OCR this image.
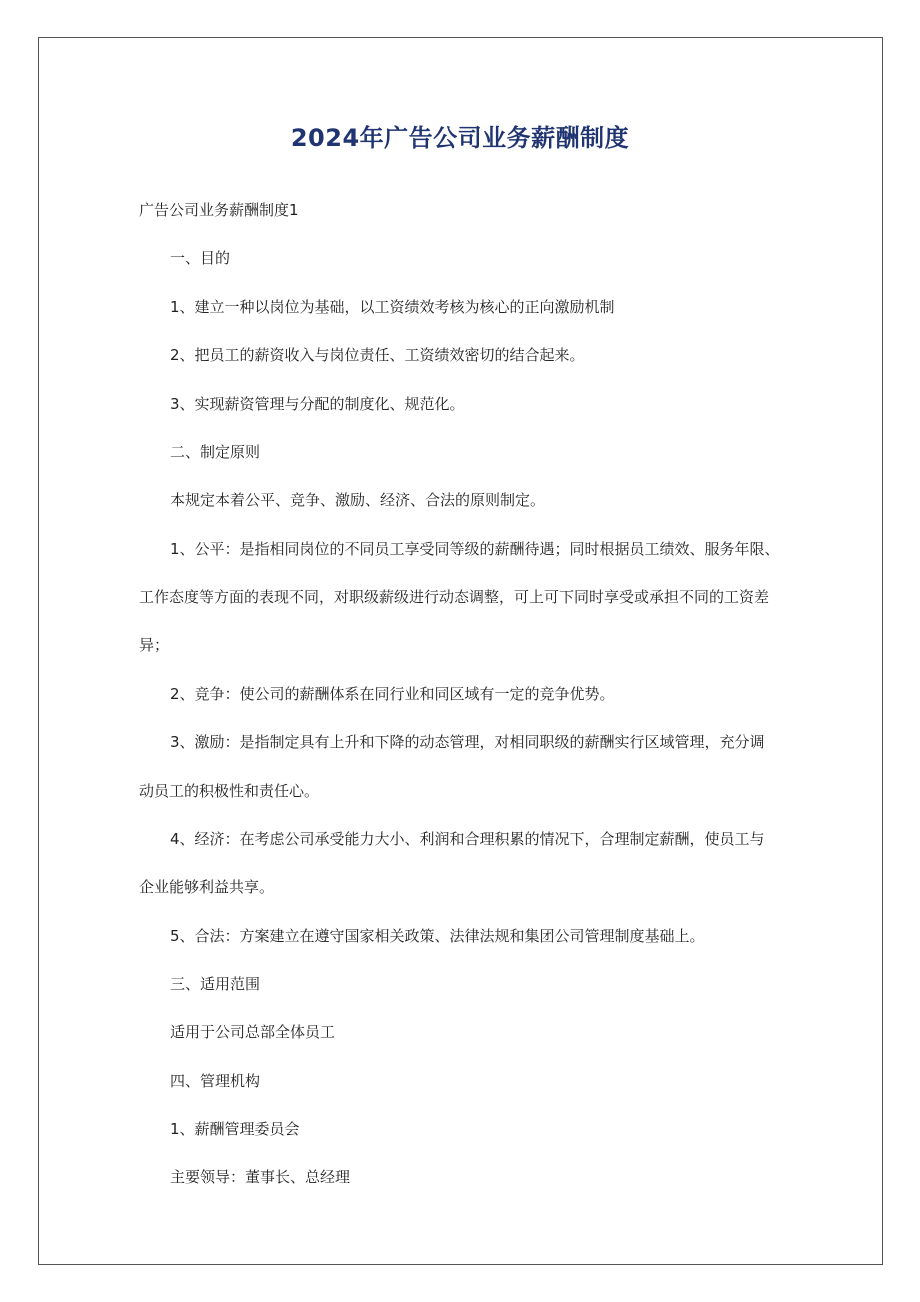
2024年广告公司业务薪酬制度
广告公司业务薪酬制度1
一、目的
1、建立一种以岗位为基础，以工资绩效考核为核心的正向激励机制
2、把员工的薪资收入与岗位责任、工资绩效密切的结合起来。
3、实现薪资管理与分配的制度化、规范化。
二、制定原则
本规定本着公平、竞争、激励、经济、合法的原则制定。
1、公平：是指相同岗位的不同员工享受同等级的薪酬待遇；同时根据员工绩效、服务年限、
工作态度等方面的表现不同，对职级薪级进行动态调整，可上可下同时享受或承担不同的工资差
异；
2、竞争：使公司的薪酬体系在同行业和同区域有一定的竞争优势。
3、激励：是指制定具有上升和下降的动态管理，对相同职级的薪酬实行区域管理，充分调
动员工的积极性和责任心。
4、经济：在考虑公司承受能力大小、利润和合理积累的情况下，合理制定薪酬，使员工与
企业能够利益共享。
5、合法：方案建立在遵守国家相关政策、法律法规和集团公司管理制度基础上。
三、适用范围
适用于公司总部全体员工
四、管理机构
1、薪酬管理委员会
主要领导：董事长、总经理
